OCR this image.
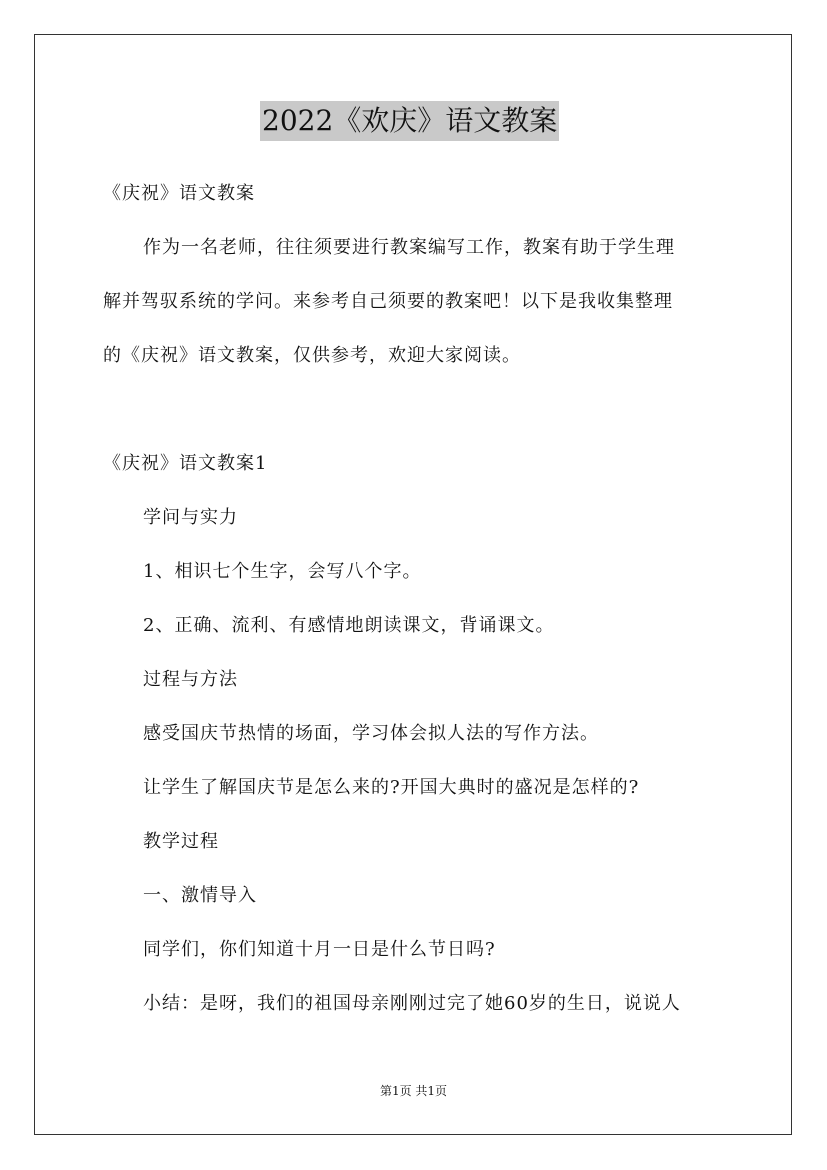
2022《欢庆》语文教案
《庆祝》语文教案
作为一名老师，往往须要进行教案编写工作，教案有助于学生理
解并驾驭系统的学问。来参考自己须要的教案吧！以下是我收集整理
的《庆祝》语文教案，仅供参考，欢迎大家阅读。
《庆祝》语文教案1
学问与实力
1、相识七个生字，会写八个字。
2、正确、流利、有感情地朗读课文，背诵课文。
过程与方法
感受国庆节热情的场面，学习体会拟人法的写作方法。
让学生了解国庆节是怎么来的?开国大典时的盛况是怎样的?
教学过程
一、激情导入
同学们，你们知道十月一日是什么节日吗?
小结：是呀，我们的祖国母亲刚刚过完了她60岁的生日，说说人
第1页 共1页
